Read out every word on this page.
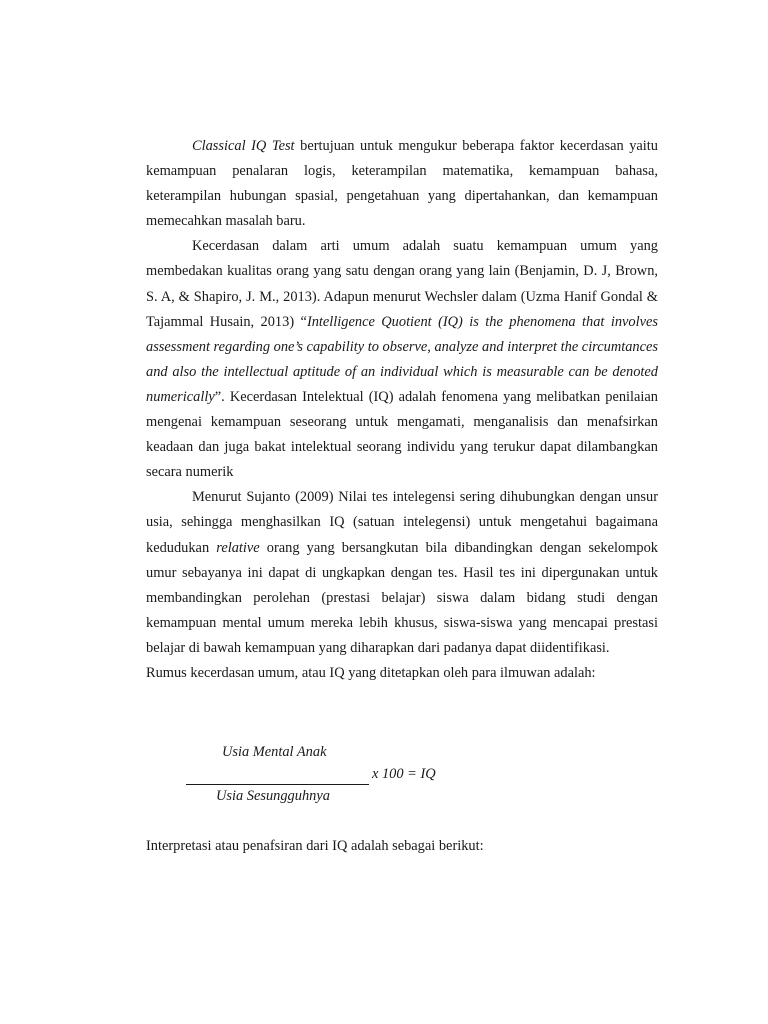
Classical IQ Test bertujuan untuk mengukur beberapa faktor kecerdasan yaitu kemampuan penalaran logis, keterampilan matematika, kemampuan bahasa, keterampilan hubungan spasial, pengetahuan yang dipertahankan, dan kemampuan memecahkan masalah baru.

Kecerdasan dalam arti umum adalah suatu kemampuan umum yang membedakan kualitas orang yang satu dengan orang yang lain (Benjamin, D. J, Brown, S. A, & Shapiro, J. M., 2013). Adapun menurut Wechsler dalam (Uzma Hanif Gondal & Tajammal Husain, 2013) “Intelligence Quotient (IQ) is the phenomena that involves assessment regarding one’s capability to observe, analyze and interpret the circumtances and also the intellectual aptitude of an individual which is measurable can be denoted numerically”. Kecerdasan Intelektual (IQ) adalah fenomena yang melibatkan penilaian mengenai kemampuan seseorang untuk mengamati, menganalisis dan menafsirkan keadaan dan juga bakat intelektual seorang individu yang terukur dapat dilambangkan secara numerik

Menurut Sujanto (2009) Nilai tes intelegensi sering dihubungkan dengan unsur usia, sehingga menghasilkan IQ (satuan intelegensi) untuk mengetahui bagaimana kedudukan relative orang yang bersangkutan bila dibandingkan dengan sekelompok umur sebayanya ini dapat di ungkapkan dengan tes. Hasil tes ini dipergunakan untuk membandingkan perolehan (prestasi belajar) siswa dalam bidang studi dengan kemampuan mental umum mereka lebih khusus, siswa-siswa yang mencapai prestasi belajar di bawah kemampuan yang diharapkan dari padanya dapat diidentifikasi.

Rumus kecerdasan umum, atau IQ yang ditetapkan oleh para ilmuwan adalah:

Usia Mental Anak
x 100 = IQ
Usia Sesungguhnya

Interpretasi atau penafsiran dari IQ adalah sebagai berikut:
